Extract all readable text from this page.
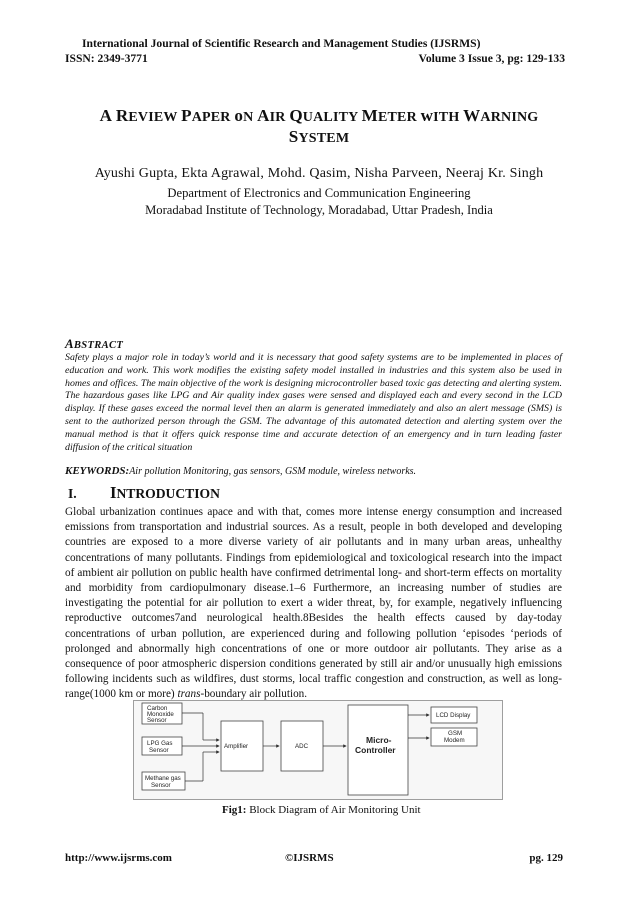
International Journal of Scientific Research and Management Studies (IJSRMS)
ISSN: 2349-3771	Volume 3 Issue 3, pg: 129-133
A REVIEW PAPER oN AIR QUALITY METER wITH WARNING
SYSTEM
Ayushi Gupta, Ekta Agrawal, Mohd. Qasim, Nisha Parveen, Neeraj Kr. Singh
Department of Electronics and Communication Engineering
Moradabad Institute of Technology, Moradabad, Uttar Pradesh, India
ABSTRACT

Safety plays a major role in today’s world and it is necessary that good safety systems are to be implemented in places of education and work. This work modifies the existing safety model installed in industries and this system also be used in homes and offices. The main objective of the work is designing microcontroller based toxic gas detecting and alerting system. The hazardous gases like LPG and Air quality index gases were sensed and displayed each and every second in the LCD display. If these gases exceed the normal level then an alarm is generated immediately and also an alert message (SMS) is sent to the authorized person through the GSM. The advantage of this automated detection and alerting system over the manual method is that it offers quick response time and accurate detection of an emergency and in turn leading faster diffusion of the critical situation

KEYWORDS:Air pollution Monitoring, gas sensors, GSM module, wireless networks.
I. INTRODUCTION

Global urbanization continues apace and with that, comes more intense energy consumption and increased emissions from transportation and industrial sources. As a result, people in both developed and developing countries are exposed to a more diverse variety of air pollutants and in many urban areas, unhealthy concentrations of many pollutants. Findings from epidemiological and toxicological research into the impact of ambient air pollution on public health have confirmed detrimental long- and short-term effects on mortality and morbidity from cardiopulmonary disease.1–6 Furthermore, an increasing number of studies are investigating the potential for air pollution to exert a wider threat, by, for example, negatively influencing reproductive outcomes7and neurological health.8Besides the health effects caused by day-today concentrations of urban pollution, are experienced during and following pollution ‘episodes ‘periods of prolonged and abnormally high concentrations of one or more outdoor air pollutants. They arise as a consequence of poor atmospheric dispersion conditions generated by still air and/or unusually high emissions following incidents such as wildfires, dust storms, local traffic congestion and construction, as well as long-range(1000 km or more) trans-boundary air pollution.

Carbon
Monoxide
Sensor
LPG Gas
Sensor
Methane gas
Sensor
Amplifier	ADC
Micro-
Controller
LCD Display
GSM
Modem
Fig1: Block Diagram of Air Monitoring Unit
http://www.ijsrms.com	©IJSRMS	pg. 129
